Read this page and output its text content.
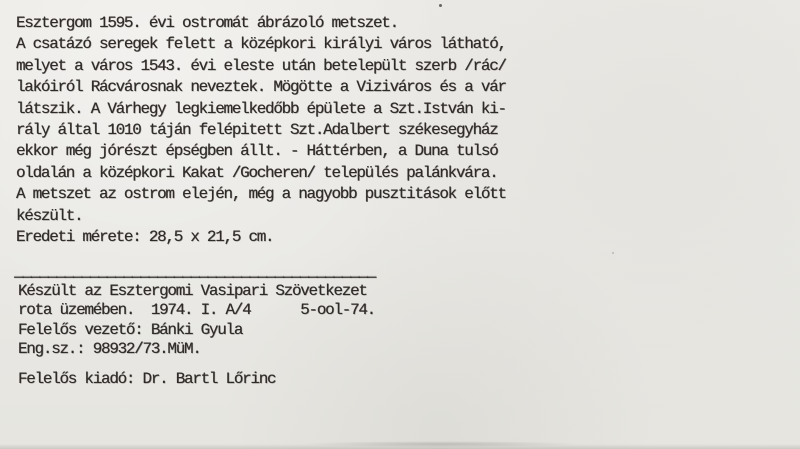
Esztergom 1595. évi ostromát ábrázoló metszet.
A csatázó seregek felett a középkori királyi város látható,
melyet a város 1543. évi eleste után betelepült szerb /rác/
lakóiról Rácvárosnak neveztek. Mögötte a Viziváros és a vár
látszik. A Várhegy legkiemelkedőbb épülete a Szt.István ki-
rály által 1010 táján felépitett Szt.Adalbert székesegyház
ekkor még jórészt épségben állt. - Háttérben, a Duna tulsó
oldalán a középkori Kakat /Gocheren/ település palánkvára.
A metszet az ostrom elején, még a nagyobb pusztitások előtt
készült.
Eredeti mérete: 28,5 x 21,5 cm.
___________________________________________
Készült az Esztergomi Vasipari Szövetkezet
rota üzemében.  1974. I. A/4      5-ool-74.
Felelős vezető: Bánki Gyula
Eng.sz.: 98932/73.MüM.
Felelős kiadó: Dr. Bartl Lőrinc
